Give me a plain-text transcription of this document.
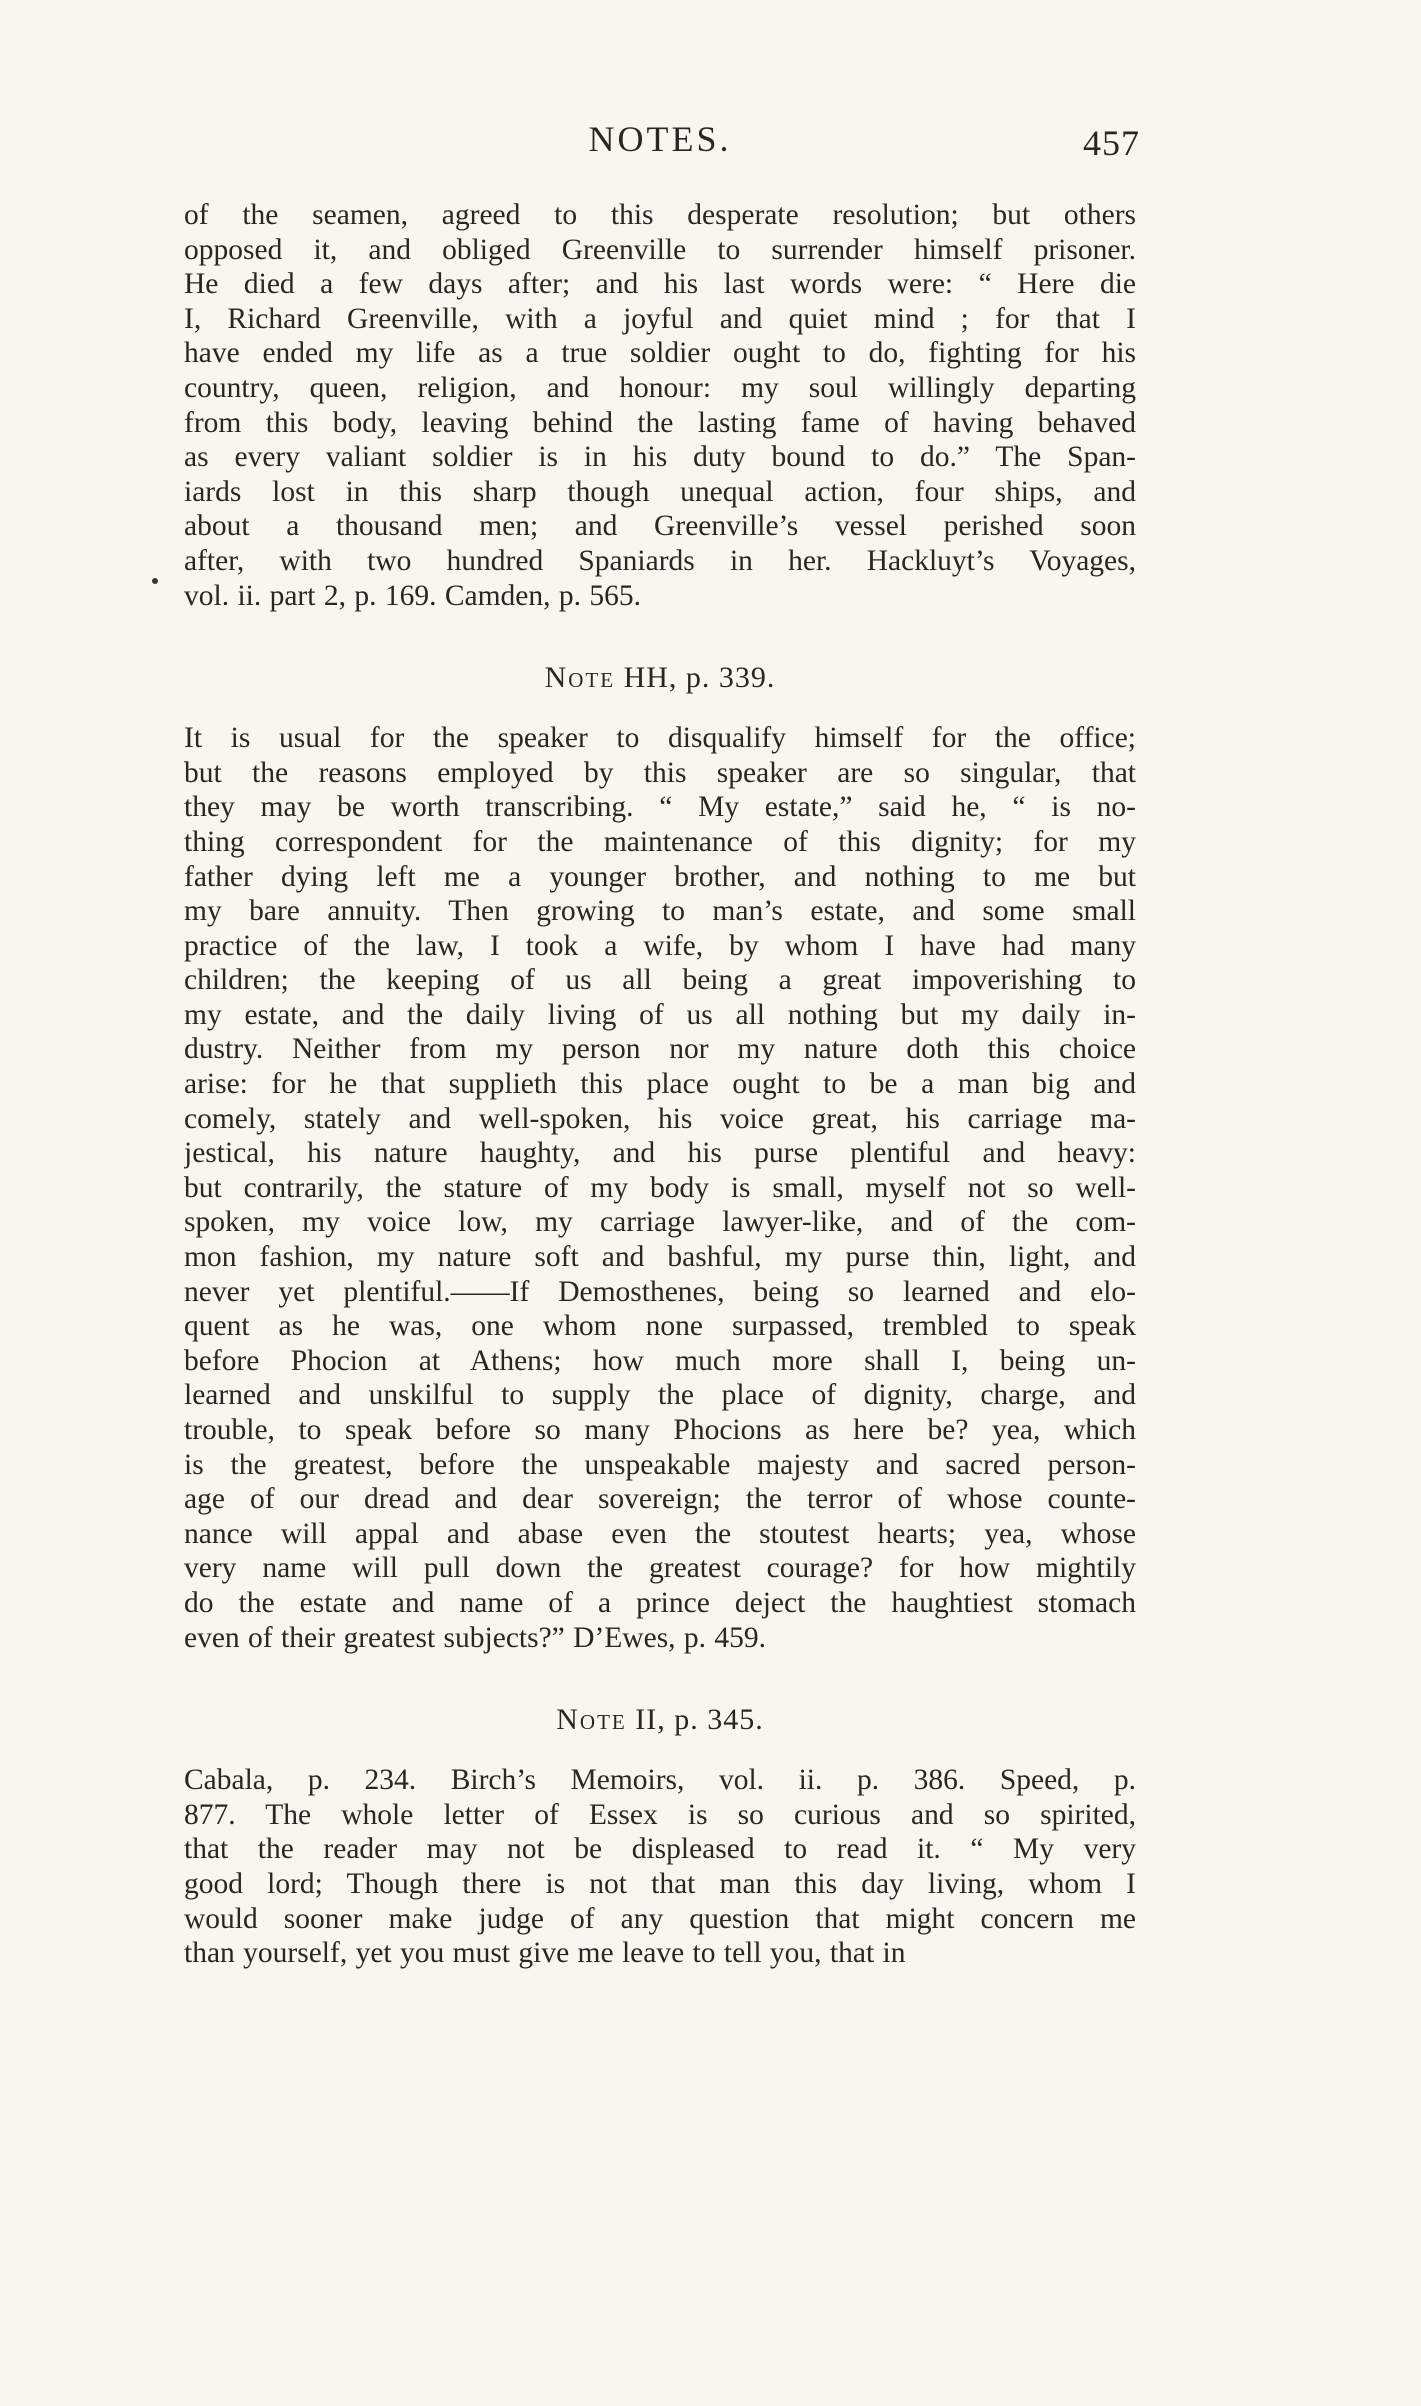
NOTES.	457

of the seamen, agreed to this desperate resolution; but others
opposed it, and obliged Greenville to surrender himself prisoner.
He died a few days after; and his last words were: “ Here die
I, Richard Greenville, with a joyful and quiet mind ; for that I
have ended my life as a true soldier ought to do, fighting for his
country, queen, religion, and honour: my soul willingly departing
from this body, leaving behind the lasting fame of having behaved
as every valiant soldier is in his duty bound to do.” The Span-
iards lost in this sharp though unequal action, four ships, and
about a thousand men; and Greenville’s vessel perished soon
after, with two hundred Spaniards in her. Hackluyt’s Voyages,
vol. ii. part 2, p. 169. Camden, p. 565.

Note HH, p. 339.

It is usual for the speaker to disqualify himself for the office;
but the reasons employed by this speaker are so singular, that
they may be worth transcribing. “ My estate,” said he, “ is no-
thing correspondent for the maintenance of this dignity; for my
father dying left me a younger brother, and nothing to me but
my bare annuity. Then growing to man’s estate, and some small
practice of the law, I took a wife, by whom I have had many
children; the keeping of us all being a great impoverishing to
my estate, and the daily living of us all nothing but my daily in-
dustry. Neither from my person nor my nature doth this choice
arise: for he that supplieth this place ought to be a man big and
comely, stately and well-spoken, his voice great, his carriage ma-
jestical, his nature haughty, and his purse plentiful and heavy:
but contrarily, the stature of my body is small, myself not so well-
spoken, my voice low, my carriage lawyer-like, and of the com-
mon fashion, my nature soft and bashful, my purse thin, light, and
never yet plentiful.——If Demosthenes, being so learned and elo-
quent as he was, one whom none surpassed, trembled to speak
before Phocion at Athens; how much more shall I, being un-
learned and unskilful to supply the place of dignity, charge, and
trouble, to speak before so many Phocions as here be? yea, which
is the greatest, before the unspeakable majesty and sacred person-
age of our dread and dear sovereign; the terror of whose counte-
nance will appal and abase even the stoutest hearts; yea, whose
very name will pull down the greatest courage? for how mightily
do the estate and name of a prince deject the haughtiest stomach
even of their greatest subjects?” D’Ewes, p. 459.

Note II, p. 345.

Cabala, p. 234. Birch’s Memoirs, vol. ii. p. 386. Speed, p.
877. The whole letter of Essex is so curious and so spirited,
that the reader may not be displeased to read it. “ My very
good lord; Though there is not that man this day living, whom I
would sooner make judge of any question that might concern me
than yourself, yet you must give me leave to tell you, that in
